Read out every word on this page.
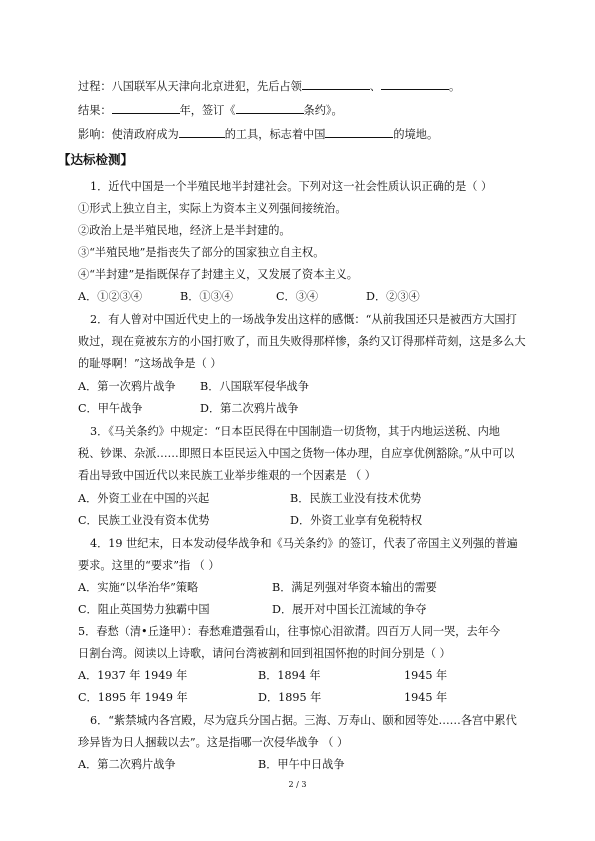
过程：八国联军从天津向北京进犯，先后占领	、	。
结果：	年，签订《	条约》。
影响：使清政府成为	的工具，标志着中国	的境地。
【达标检测】
1．近代中国是一个半殖民地半封建社会。下列对这一社会性质认识正确的是（ ）
①形式上独立自主，实际上为资本主义列强间接统治。
②政治上是半殖民地，经济上是半封建的。
③“半殖民地”是指丧失了部分的国家独立自主权。
④“半封建”是指既保存了封建主义，又发展了资本主义。
A．①②③④	B．①③④	C．③④	D．②③④
2．有人曾对中国近代史上的一场战争发出这样的感慨：“从前我国还只是被西方大国打
败过，现在竟被东方的小国打败了，而且失败得那样惨，条约又订得那样苛刻，这是多么大
的耻辱啊！”这场战争是（ ）
A．第一次鸦片战争 B．八国联军侵华战争
C．甲午战争	D．第二次鸦片战争
3．《马关条约》中规定：“日本臣民得在中国制造一切货物，其于内地运送税、内地
税、钞课、杂派……即照日本臣民运入中国之货物一体办理，自应享优例豁除。”从中可以
看出导致中国近代以来民族工业举步维艰的一个因素是 （ ）
A．外资工业在中国的兴起	B．民族工业没有技术优势
C．民族工业没有资本优势	D．外资工业享有免税特权
4．19 世纪末，日本发动侵华战争和《马关条约》的签订，代表了帝国主义列强的普遍
要求。这里的“要求”指 （ ）
A．实施“以华治华”策略	B．满足列强对华资本输出的需要
C．阻止英国势力独霸中国	D．展开对中国长江流域的争夺
5．春愁（清•丘逢甲）：春愁难遣强看山，往事惊心泪欲潸。四百万人同一哭，去年今
日割台湾。阅读以上诗歌，请问台湾被割和回到祖国怀抱的时间分别是（ ）
A．1937 年 1949 年	B．1894 年	1945 年
C．1895 年 1949 年	D．1895 年	1945 年
6．“紫禁城内各宫殿，尽为寇兵分国占据。三海、万寿山、颐和园等处……各宫中累代
珍异皆为日人捆载以去”。这是指哪一次侵华战争 （ ）
A．第二次鸦片战争	B．甲午中日战争
2 / 3
